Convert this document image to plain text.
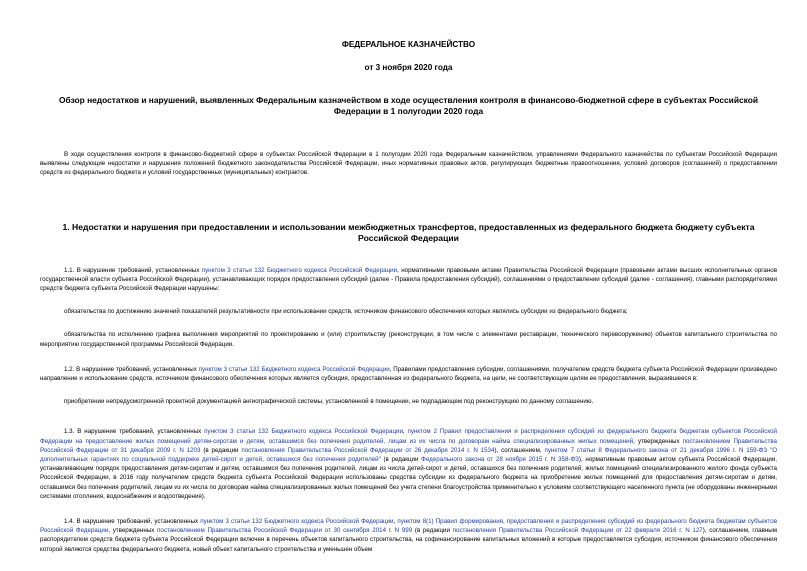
ФЕДЕРАЛЬНОЕ КАЗНАЧЕЙСТВО
от 3 ноября 2020 года
Обзор недостатков и нарушений, выявленных Федеральным казначейством в ходе осуществления контроля в финансово-бюджетной сфере в субъектах Российской Федерации в 1 полугодии 2020 года

В ходе осуществления контроля в финансово-бюджетной сфере в субъектах Российской Федерации в 1 полугодии 2020 года Федеральным казначейством, управлениями Федерального казначейства по субъектам Российской Федерации выявлены следующие недостатки и нарушения положений бюджетного законодательства Российской Федерации, иных нормативных правовых актов, регулирующих бюджетные правоотношения, условий договоров (соглашений) о предоставлении средств из федерального бюджета и условий государственных (муниципальных) контрактов.

1. Недостатки и нарушения при предоставлении и использовании межбюджетных трансфертов, предоставленных из федерального бюджета бюджету субъекта Российской Федерации

1.1. В нарушение требований, установленных пунктом 3 статьи 132 Бюджетного кодекса Российской Федерации, нормативными правовыми актами Правительства Российской Федерации (правовыми актами высших исполнительных органов государственной власти субъекта Российской Федерации), устанавливающих порядок предоставления субсидий (далее - Правила предоставления субсидий), соглашениями о предоставлении субсидий (далее - соглашения), главными распорядителями средств бюджета субъекта Российской Федерации нарушены:

обязательства по достижению значений показателей результативности при использовании средств, источником финансового обеспечения которых являлись субсидии из федерального бюджета;

обязательства по исполнению графика выполнения мероприятий по проектированию и (или) строительству (реконструкции, в том числе с элементами реставрации, технического перевооружению) объектов капитального строительства по мероприятию государственной программы Российской Федерации.

1.2. В нарушение требований, установленных пунктом 3 статьи 132 Бюджетного кодекса Российской Федерации, Правилами предоставления субсидии, соглашениями, получателем средств бюджета субъекта Российской Федерации произведено направление и использование средств, источником финансового обеспечения которых является субсидия, предоставленная из федерального бюджета, на цели, не соответствующие целям ее предоставления, выразившееся в:

приобретении непредусмотренной проектной документацией ангиографической системы, установленной в помещении, не подпадающем под реконструкцию по данному соглашению.

1.3. В нарушение требований, установленных пунктом 3 статьи 132 Бюджетного кодекса Российской Федерации, пунктом 2 Правил предоставления и распределения субсидий из федерального бюджета бюджетам субъектов Российской Федерации на предоставление жилых помещений детям-сиротам и детям, оставшимся без попечения родителей, лицам из их числа по договорам найма специализированных жилых помещений, утвержденных постановлением Правительства Российской Федерации от 31 декабря 2009 г. N 1203 (в редакции постановления Правительства Российской Федерации от 26 декабря 2014 г. N 1534), соглашением, пунктом 7 статьи 8 Федерального закона от 21 декабря 1996 г. N 159-ФЗ "О дополнительных гарантиях по социальной поддержке детей-сирот и детей, оставшихся без попечения родителей" (в редакции Федерального закона от 28 ноября 2015 г. N 358-ФЗ), нормативным правовым актом субъекта Российской Федерации, устанавливающим порядок предоставления детям-сиротам и детям, оставшимся без попечения родителей, лицам из числа детей-сирот и детей, оставшихся без попечения родителей, жилых помещений специализированного жилого фонда субъекта Российской Федерации, в 2016 году получателем средств бюджета субъекта Российской Федерации использованы средства субсидии из федерального бюджета на приобретение жилых помещений для предоставления детям-сиротам и детям, оставшимся без попечения родителей, лицам из их числа по договорам найма специализированных жилых помещений без учета степени благоустройства применительно к условиям соответствующего населенного пункта (не оборудованы инженерными системами отопления, водоснабжения и водоотведения).

1.4. В нарушение требований, установленных пунктом 3 статьи 132 Бюджетного кодекса Российской Федерации, пунктом 8(1) Правил формирования, предоставления и распределения субсидий из федерального бюджета бюджетам субъектов Российской Федерации, утвержденных постановлением Правительства Российской Федерации от 30 сентября 2014 г. N 999 (в редакции постановления Правительства Российской Федерации от 22 февраля 2016 г. N 127), соглашением, главным распорядителем средств бюджета субъекта Российской Федерации включен в перечень объектов капитального строительства, на софинансирование капитальных вложений в которые предоставляется субсидия, источником финансового обеспечения которой являются средства федерального бюджета, новый объект капитального строительства и уменьшен объем
